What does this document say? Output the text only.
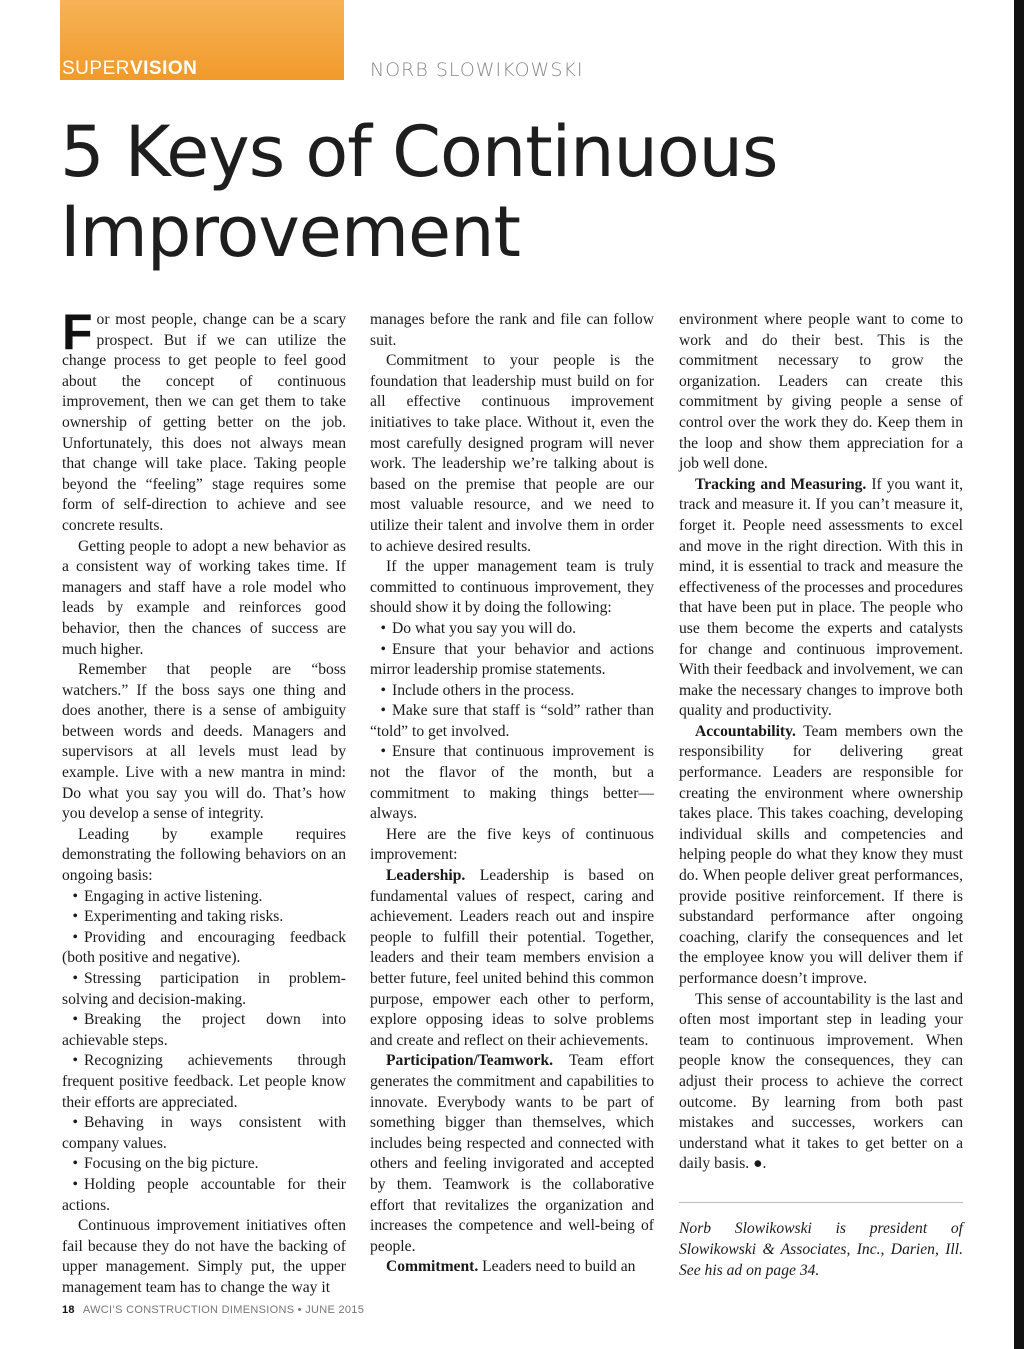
SUPERVISION	NORB SLOWIKOWSKI
5 Keys of Continuous
Improvement

For most people, change can be a scary prospect. But if we can utilize the change process to get people to feel good about the concept of continuous improvement, then we can get them to take ownership of getting better on the job. Unfortunately, this does not always mean that change will take place. Taking people beyond the “feeling” stage requires some form of self-direction to achieve and see concrete results.

Getting people to adopt a new behavior as a consistent way of working takes time. If managers and staff have a role model who leads by example and reinforces good behavior, then the chances of success are much higher.

Remember that people are “boss watchers.” If the boss says one thing and does another, there is a sense of ambiguity between words and deeds. Managers and supervisors at all levels must lead by example. Live with a new mantra in mind: Do what you say you will do. That’s how you develop a sense of integrity.

Leading by example requires demonstrating the following behaviors on an ongoing basis:

• Engaging in active listening.

• Experimenting and taking risks.

• Providing and encouraging feedback (both positive and negative).

• Stressing participation in problem-solving and decision-making.

• Breaking the project down into achievable steps.

• Recognizing achievements through frequent positive feedback. Let people know their efforts are appreciated.

• Behaving in ways consistent with company values.

• Focusing on the big picture.

• Holding people accountable for their actions.

Continuous improvement initiatives often fail because they do not have the backing of upper management. Simply put, the upper management team has to change the way it

manages before the rank and file can follow suit.

Commitment to your people is the foundation that leadership must build on for all effective continuous improvement initiatives to take place. Without it, even the most carefully designed program will never work. The leadership we’re talking about is based on the premise that people are our most valuable resource, and we need to utilize their talent and involve them in order to achieve desired results.

If the upper management team is truly committed to continuous improvement, they should show it by doing the following:

• Do what you say you will do.

• Ensure that your behavior and actions mirror leadership promise statements.

• Include others in the process.

• Make sure that staff is “sold” rather than “told” to get involved.

• Ensure that continuous improvement is not the flavor of the month, but a commitment to making things better—always.

Here are the five keys of continuous improvement:

Leadership. Leadership is based on fundamental values of respect, caring and achievement. Leaders reach out and inspire people to fulfill their potential. Together, leaders and their team members envision a better future, feel united behind this common purpose, empower each other to perform, explore opposing ideas to solve problems and create and reflect on their achievements.

Participation/Teamwork. Team effort generates the commitment and capabilities to innovate. Everybody wants to be part of something bigger than themselves, which includes being respected and connected with others and feeling invigorated and accepted by them. Teamwork is the collaborative effort that revitalizes the organization and increases the competence and well-being of people.

Commitment. Leaders need to build an

environment where people want to come to work and do their best. This is the commitment necessary to grow the organization. Leaders can create this commitment by giving people a sense of control over the work they do. Keep them in the loop and show them appreciation for a job well done.

Tracking and Measuring. If you want it, track and measure it. If you can’t measure it, forget it. People need assessments to excel and move in the right direction. With this in mind, it is essential to track and measure the effectiveness of the processes and procedures that have been put in place. The people who use them become the experts and catalysts for change and continuous improvement. With their feedback and involvement, we can make the necessary changes to improve both quality and productivity.

Accountability. Team members own the responsibility for delivering great performance. Leaders are responsible for creating the environment where ownership takes place. This takes coaching, developing individual skills and competencies and helping people do what they know they must do. When people deliver great performances, provide positive reinforcement. If there is substandard performance after ongoing coaching, clarify the consequences and let the employee know you will deliver them if performance doesn’t improve.

This sense of accountability is the last and often most important step in leading your team to continuous improvement. When people know the consequences, they can adjust their process to achieve the correct outcome. By learning from both past mistakes and successes, workers can understand what it takes to get better on a daily basis. ●.

Norb Slowikowski is president of Slowikowski & Associates, Inc., Darien, Ill. See his ad on page 34.
18 AWCI’S CONSTRUCTION DIMENSIONS • JUNE 2015
